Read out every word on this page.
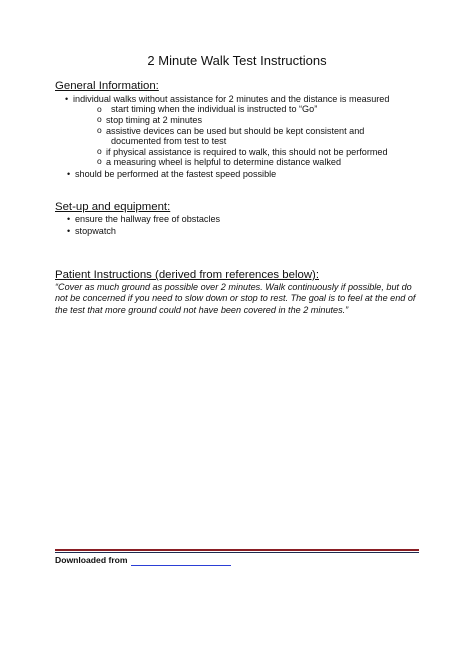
2 Minute Walk Test Instructions
General Information:
• individual walks without assistance for 2 minutes and the distance is measured
start timing when the individual is instructed to “Go”
o
o stop timing at 2 minutes
o assistive devices can be used but should be kept consistent and
documented from test to test
o if physical assistance is required to walk, this should not be performed
o a measuring wheel is helpful to determine distance walked
• should be performed at the fastest speed possible
Set-up and equipment:
• ensure the hallway free of obstacles
• stopwatch
Patient Instructions (derived from references below):
“Cover as much ground as possible over 2 minutes. Walk continuously if possible, but do not be concerned if you need to slow down or stop to rest. The goal is to feel at the end of the test that more ground could not have been covered in the 2 minutes.”
Downloaded from
